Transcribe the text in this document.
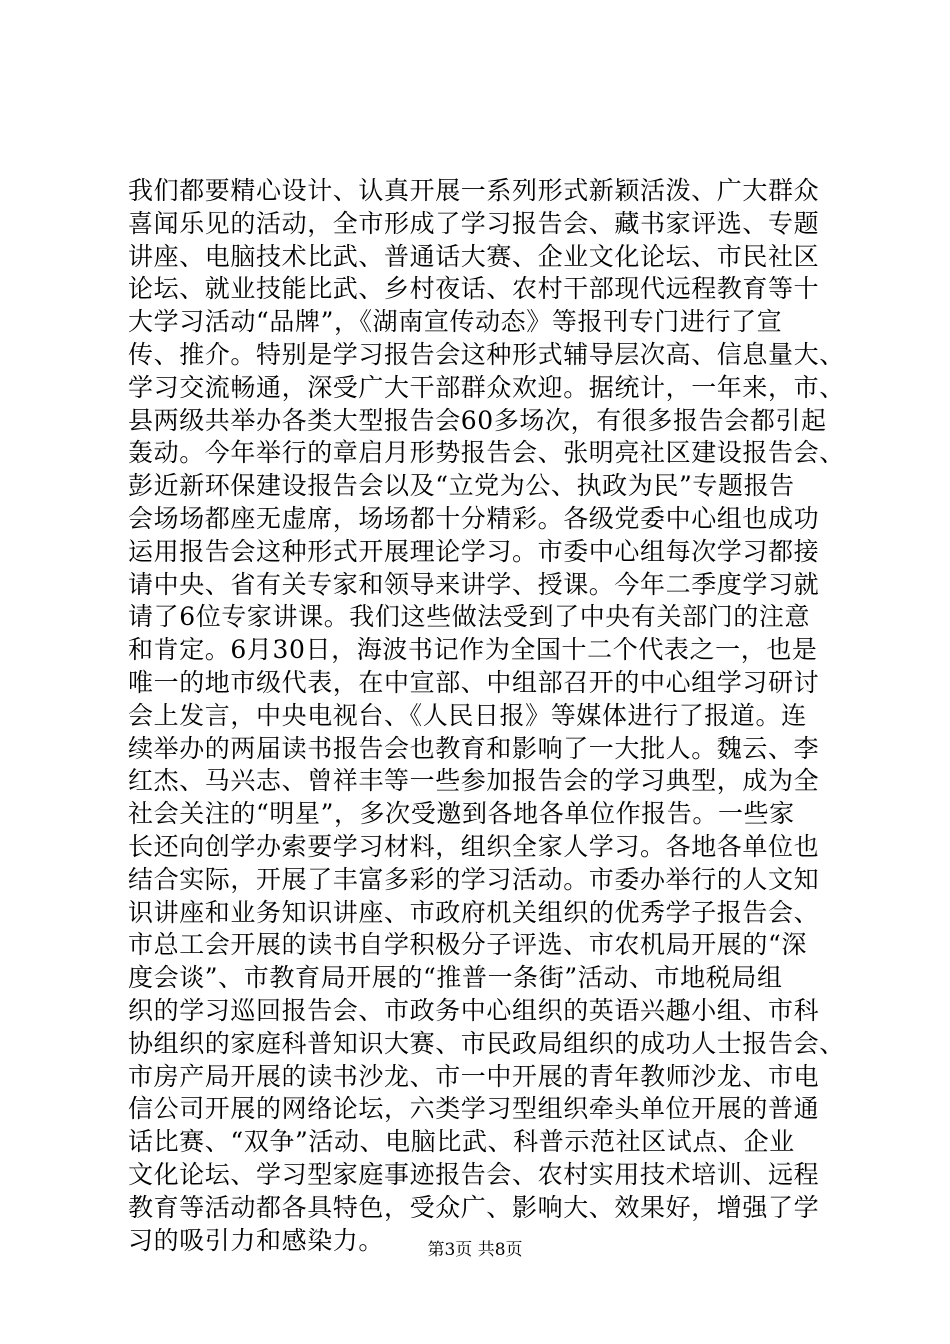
我们都要精心设计、认真开展一系列形式新颖活泼、广大群众
喜闻乐见的活动，全市形成了学习报告会、藏书家评选、专题
讲座、电脑技术比武、普通话大赛、企业文化论坛、市民社区
论坛、就业技能比武、乡村夜话、农村干部现代远程教育等十
大学习活动“品牌”，《湖南宣传动态》等报刊专门进行了宣
传、推介。特别是学习报告会这种形式辅导层次高、信息量大、
学习交流畅通，深受广大干部群众欢迎。据统计，一年来，市、
县两级共举办各类大型报告会60多场次，有很多报告会都引起
轰动。今年举行的章启月形势报告会、张明亮社区建设报告会、
彭近新环保建设报告会以及“立党为公、执政为民”专题报告
会场场都座无虚席，场场都十分精彩。各级党委中心组也成功
运用报告会这种形式开展理论学习。市委中心组每次学习都接
请中央、省有关专家和领导来讲学、授课。今年二季度学习就
请了6位专家讲课。我们这些做法受到了中央有关部门的注意
和肯定。6月30日，海波书记作为全国十二个代表之一，也是
唯一的地市级代表，在中宣部、中组部召开的中心组学习研讨
会上发言，中央电视台、《人民日报》等媒体进行了报道。连
续举办的两届读书报告会也教育和影响了一大批人。魏云、李
红杰、马兴志、曾祥丰等一些参加报告会的学习典型，成为全
社会关注的“明星”，多次受邀到各地各单位作报告。一些家
长还向创学办索要学习材料，组织全家人学习。各地各单位也
结合实际，开展了丰富多彩的学习活动。市委办举行的人文知
识讲座和业务知识讲座、市政府机关组织的优秀学子报告会、
市总工会开展的读书自学积极分子评选、市农机局开展的“深
度会谈”、市教育局开展的“推普一条街”活动、市地税局组
织的学习巡回报告会、市政务中心组织的英语兴趣小组、市科
协组织的家庭科普知识大赛、市民政局组织的成功人士报告会、
市房产局开展的读书沙龙、市一中开展的青年教师沙龙、市电
信公司开展的网络论坛，六类学习型组织牵头单位开展的普通
话比赛、“双争”活动、电脑比武、科普示范社区试点、企业
文化论坛、学习型家庭事迹报告会、农村实用技术培训、远程
教育等活动都各具特色，受众广、影响大、效果好，增强了学
习的吸引力和感染力。	第3页 共8页
